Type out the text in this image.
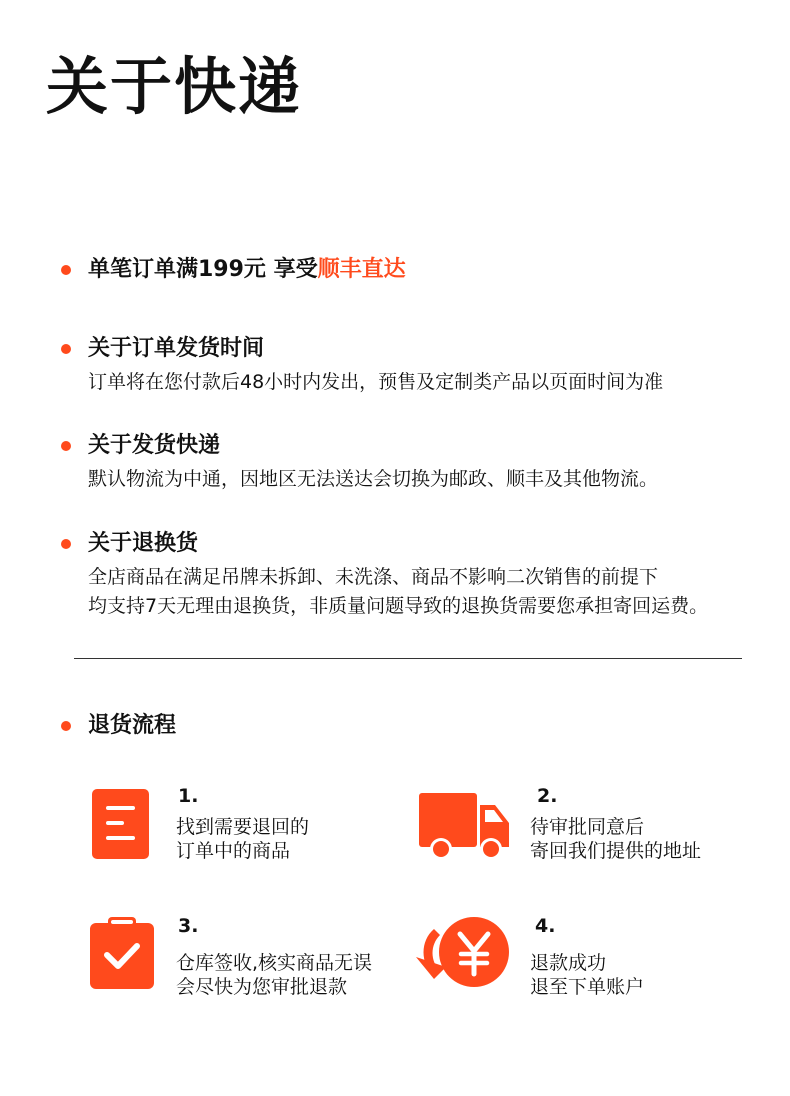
关于快递
单笔订单满199元 享受顺丰直达
关于订单发货时间
订单将在您付款后48小时内发出，预售及定制类产品以页面时间为准
关于发货快递
默认物流为中通，因地区无法送达会切换为邮政、顺丰及其他物流。
关于退换货
全店商品在满足吊牌未拆卸、未洗涤、商品不影响二次销售的前提下
均支持7天无理由退换货，非质量问题导致的退换货需要您承担寄回运费。
退货流程
1.
找到需要退回的
订单中的商品
2.
待审批同意后
寄回我们提供的地址
3.
仓库签收,核实商品无误
会尽快为您审批退款
4.
退款成功
退至下单账户
